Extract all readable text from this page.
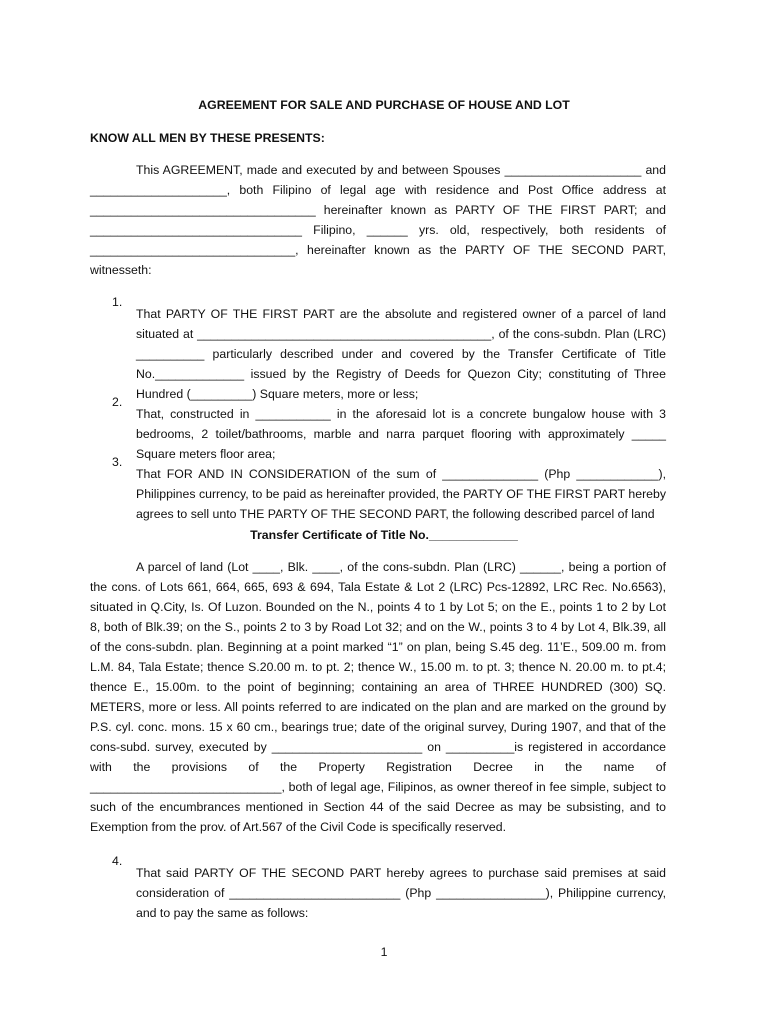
AGREEMENT FOR SALE AND PURCHASE OF HOUSE AND LOT

KNOW ALL MEN BY THESE PRESENTS:

This AGREEMENT, made and executed by and between Spouses ____________________ and ____________________, both Filipino of legal age with residence and Post Office address at _________________________________ hereinafter known as PARTY OF THE FIRST PART; and _______________________________ Filipino, ______ yrs. old, respectively, both residents of ______________________________, hereinafter known as the PARTY OF THE SECOND PART, witnesseth:

1.

That PARTY OF THE FIRST PART are the absolute and registered owner of a parcel of land situated at ___________________________________________, of the cons-subdn. Plan (LRC) __________ particularly described under and covered by the Transfer Certificate of Title No._____________ issued by the Registry of Deeds for Quezon City; constituting of Three Hundred (_________) Square meters, more or less;

2.

That, constructed in ___________ in the aforesaid lot is a concrete bungalow house with 3 bedrooms, 2 toilet/bathrooms, marble and narra parquet flooring with approximately _____ Square meters floor area;

3.

That FOR AND IN CONSIDERATION of the sum of ______________ (Php ____________), Philippines currency, to be paid as hereinafter provided, the PARTY OF THE FIRST PART hereby agrees to sell unto THE PARTY OF THE SECOND PART, the following described parcel of land

Transfer Certificate of Title No._____________

A parcel of land (Lot ____, Blk. ____, of the cons-subdn. Plan (LRC) ______, being a portion of the cons. of Lots 661, 664, 665, 693 & 694, Tala Estate & Lot 2 (LRC) Pcs-12892, LRC Rec. No.6563), situated in Q.City, Is. Of Luzon. Bounded on the N., points 4 to 1 by Lot 5; on the E., points 1 to 2 by Lot 8, both of Blk.39; on the S., points 2 to 3 by Road Lot 32; and on the W., points 3 to 4 by Lot 4, Blk.39, all of the cons-subdn. plan. Beginning at a point marked “1” on plan, being S.45 deg. 11’E., 509.00 m. from L.M. 84, Tala Estate; thence S.20.00 m. to pt. 2; thence W., 15.00 m. to pt. 3; thence N. 20.00 m. to pt.4; thence E., 15.00m. to the point of beginning; containing an area of THREE HUNDRED (300) SQ. METERS, more or less. All points referred to are indicated on the plan and are marked on the ground by P.S. cyl. conc. mons. 15 x 60 cm., bearings true; date of the original survey, During 1907, and that of the cons-subd. survey, executed by ______________________ on __________is registered in accordance with the provisions of the Property Registration Decree in the name of ____________________________, both of legal age, Filipinos, as owner thereof in fee simple, subject to such of the encumbrances mentioned in Section 44 of the said Decree as may be subsisting, and to Exemption from the prov. of Art.567 of the Civil Code is specifically reserved.

4.

That said PARTY OF THE SECOND PART hereby agrees to purchase said premises at said consideration of _________________________ (Php ________________), Philippine currency, and to pay the same as follows:

1
